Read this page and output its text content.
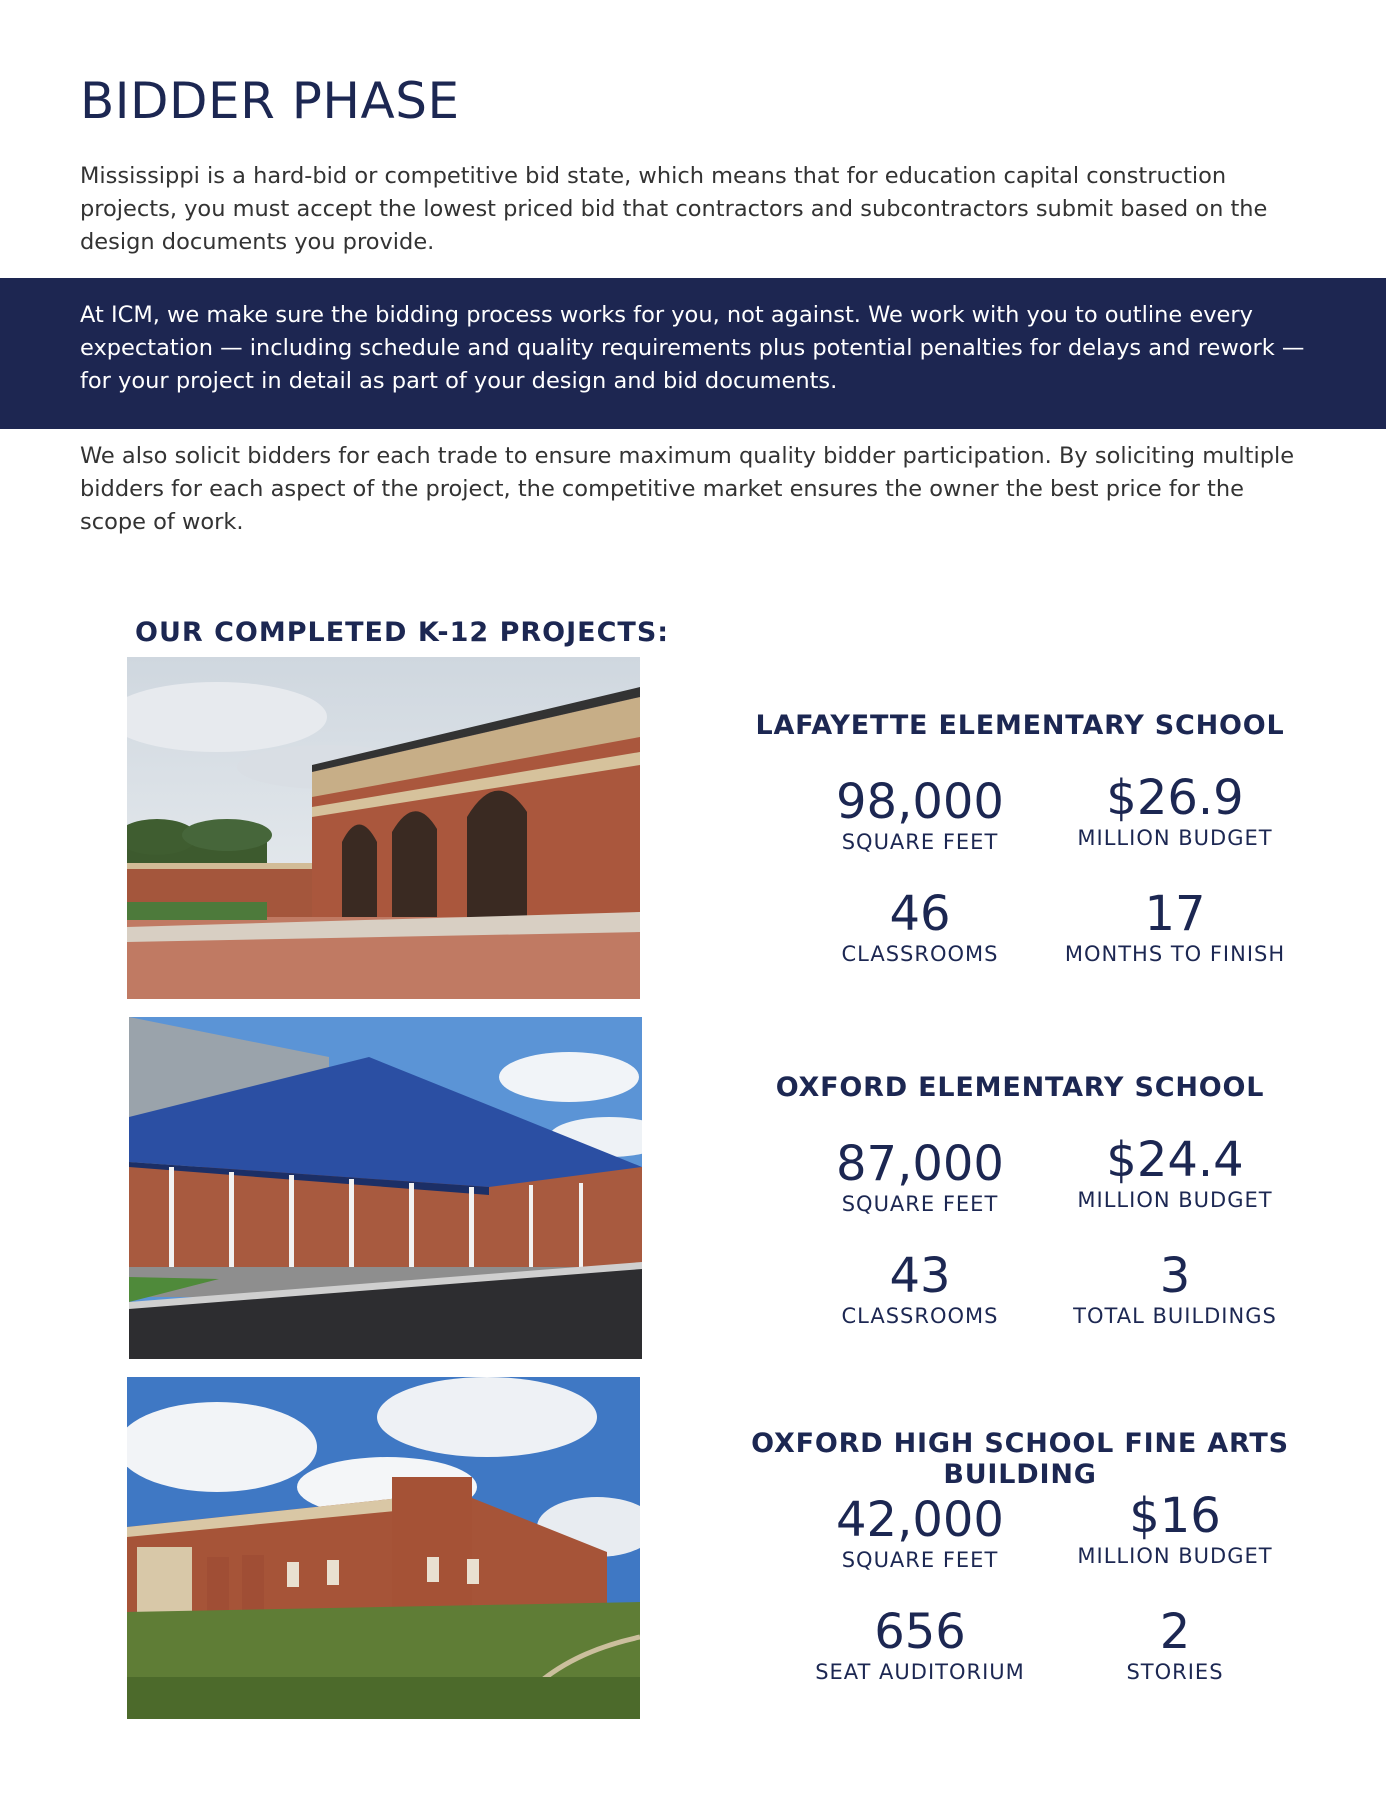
BIDDER PHASE

Mississippi is a hard-bid or competitive bid state, which means that for education capital construction projects, you must accept the lowest priced bid that contractors and subcontractors submit based on the design documents you provide.

At ICM, we make sure the bidding process works for you, not against. We work with you to outline every expectation — including schedule and quality requirements plus potential penalties for delays and rework — for your project in detail as part of your design and bid documents.

We also solicit bidders for each trade to ensure maximum quality bidder participation. By soliciting multiple bidders for each aspect of the project, the competitive market ensures the owner the best price for the scope of work.

OUR COMPLETED K-12 PROJECTS:
LAFAYETTE ELEMENTARY SCHOOL
98,000
SQUARE FEET
$26.9
MILLION BUDGET
46
CLASSROOMS
17
MONTHS TO FINISH
OXFORD ELEMENTARY SCHOOL
87,000
SQUARE FEET
$24.4
MILLION BUDGET
43
CLASSROOMS
3
TOTAL BUILDINGS
OXFORD HIGH SCHOOL FINE ARTS BUILDING
42,000
SQUARE FEET
$16
MILLION BUDGET
656
SEAT AUDITORIUM
2
STORIES
